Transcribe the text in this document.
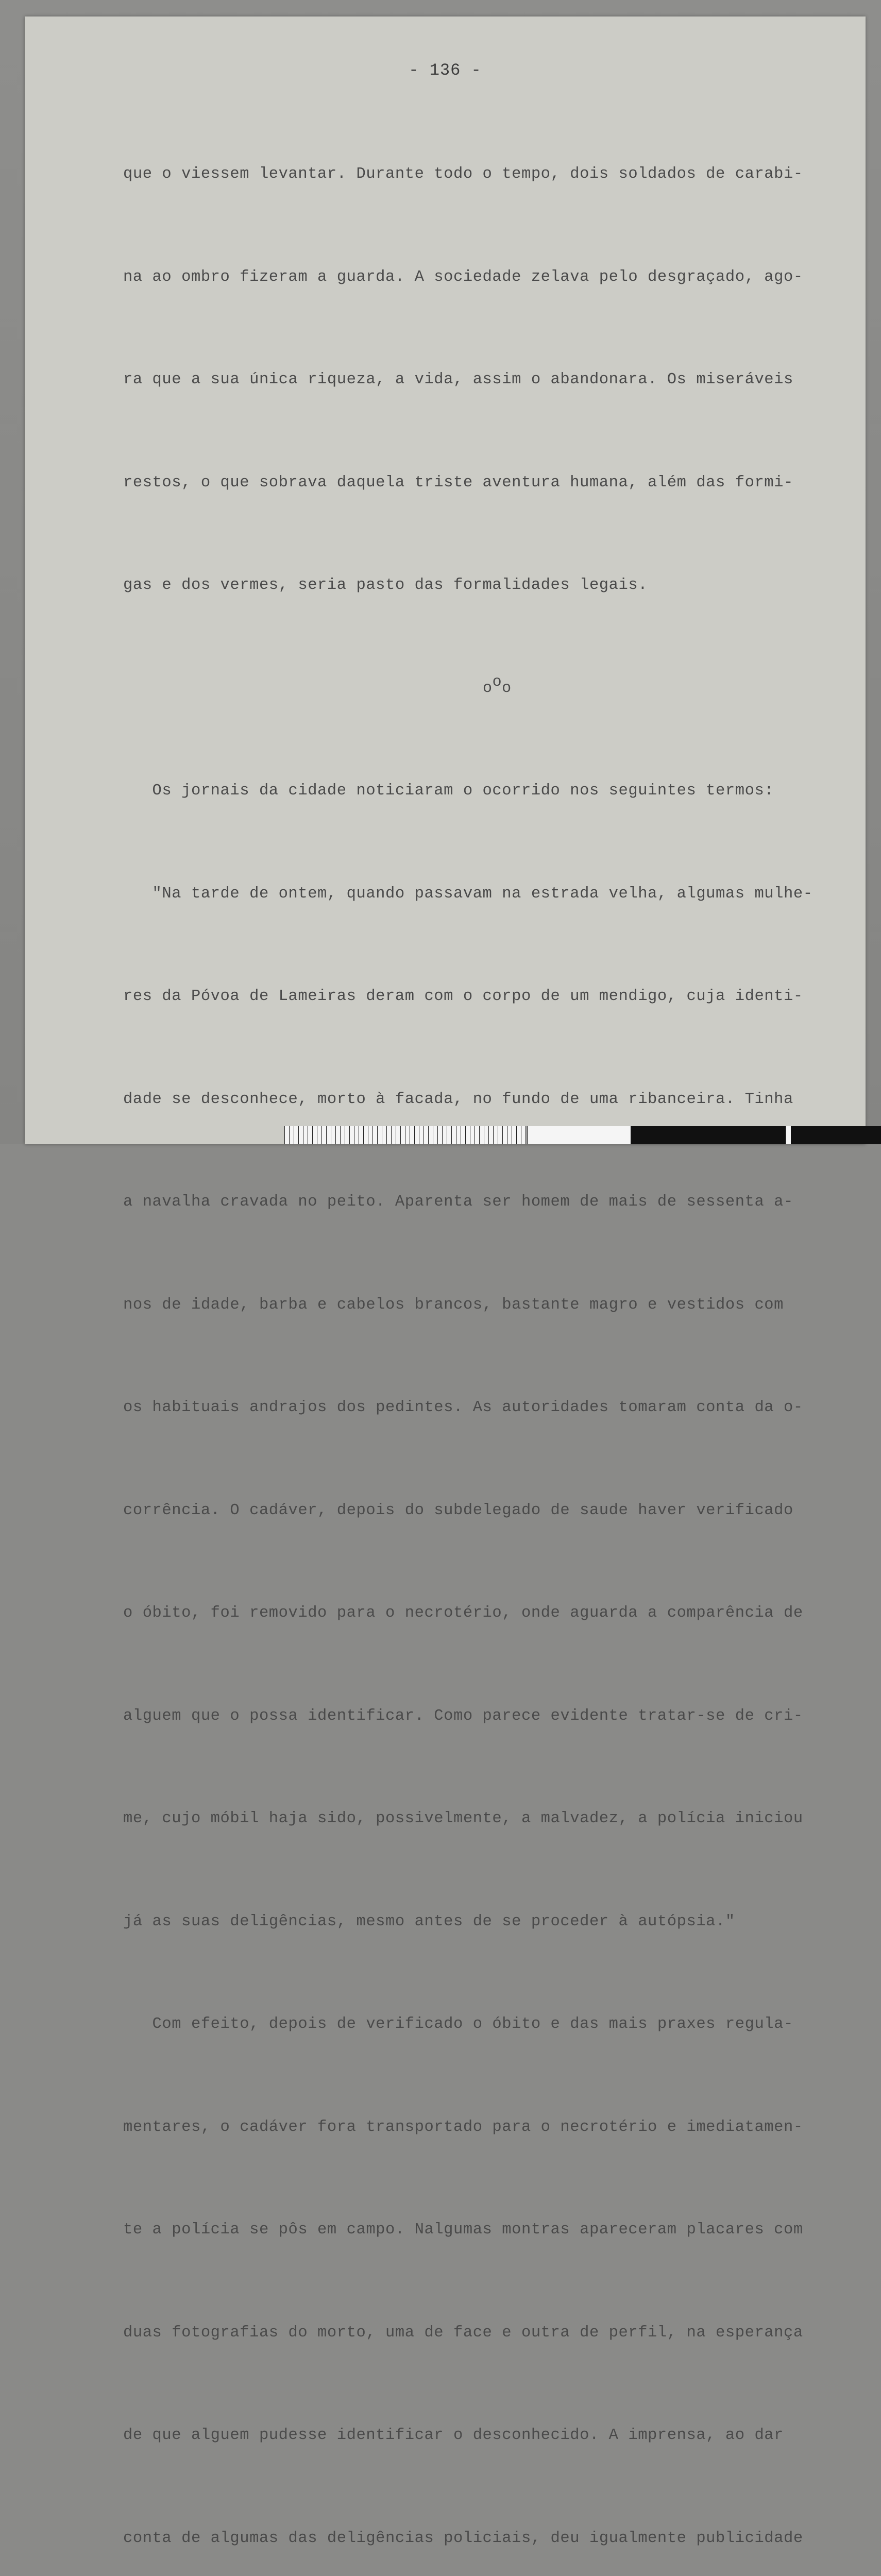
- 136 -

que o viessem levantar. Durante todo o tempo, dois soldados de carabi-

na ao ombro fizeram a guarda. A sociedade zelava pelo desgraçado, ago-

ra que a sua única riqueza, a vida, assim o abandonara. Os miseráveis

restos, o que sobrava daquela triste aventura humana, além das formi-

gas e dos vermes, seria pasto das formalidades legais.

ooo

Os jornais da cidade noticiaram o ocorrido nos seguintes termos:

"Na tarde de ontem, quando passavam na estrada velha, algumas mulhe-

res da Póvoa de Lameiras deram com o corpo de um mendigo, cuja identi-

dade se desconhece, morto à facada, no fundo de uma ribanceira. Tinha

a navalha cravada no peito. Aparenta ser homem de mais de sessenta a-

nos de idade, barba e cabelos brancos, bastante magro e vestidos com

os habituais andrajos dos pedintes. As autoridades tomaram conta da o-

corrência. O cadáver, depois do subdelegado de saude haver verificado

o óbito, foi removido para o necrotério, onde aguarda a comparência de

alguem que o possa identificar. Como parece evidente tratar-se de cri-

me, cujo móbil haja sido, possivelmente, a malvadez, a polícia iniciou

já as suas deligências, mesmo antes de se proceder à autópsia."

Com efeito, depois de verificado o óbito e das mais praxes regula-

mentares, o cadáver fora transportado para o necrotério e imediatamen-

te a polícia se pôs em campo. Nalgumas montras apareceram placares com

duas fotografias do morto, uma de face e outra de perfil, na esperança

de que alguem pudesse identificar o desconhecido. A imprensa, ao dar

conta de algumas das deligências policiais, deu igualmente publicidade
